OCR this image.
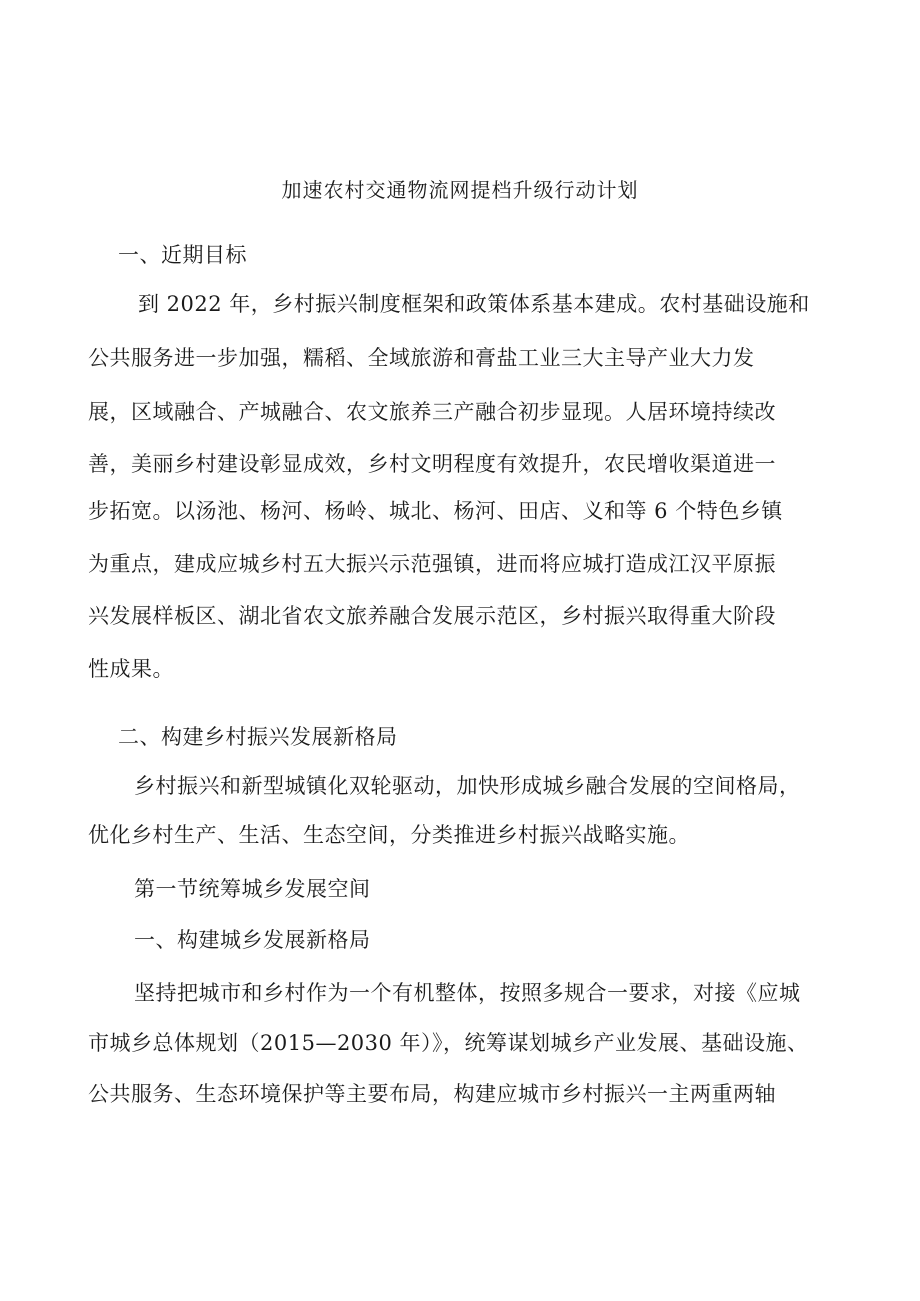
加速农村交通物流网提档升级行动计划
一、近期目标
到 2022 年，乡村振兴制度框架和政策体系基本建成。农村基础设施和
公共服务进一步加强，糯稻、全域旅游和膏盐工业三大主导产业大力发
展，区域融合、产城融合、农文旅养三产融合初步显现。人居环境持续改
善，美丽乡村建设彰显成效，乡村文明程度有效提升，农民增收渠道进一
步拓宽。以汤池、杨河、杨岭、城北、杨河、田店、义和等 6 个特色乡镇
为重点，建成应城乡村五大振兴示范强镇，进而将应城打造成江汉平原振
兴发展样板区、湖北省农文旅养融合发展示范区，乡村振兴取得重大阶段
性成果。
二、构建乡村振兴发展新格局
乡村振兴和新型城镇化双轮驱动，加快形成城乡融合发展的空间格局，
优化乡村生产、生活、生态空间，分类推进乡村振兴战略实施。
第一节统筹城乡发展空间
一、构建城乡发展新格局
坚持把城市和乡村作为一个有机整体，按照多规合一要求，对接《应城
市城乡总体规划（2015—2030 年）》，统筹谋划城乡产业发展、基础设施、
公共服务、生态环境保护等主要布局，构建应城市乡村振兴一主两重两轴
